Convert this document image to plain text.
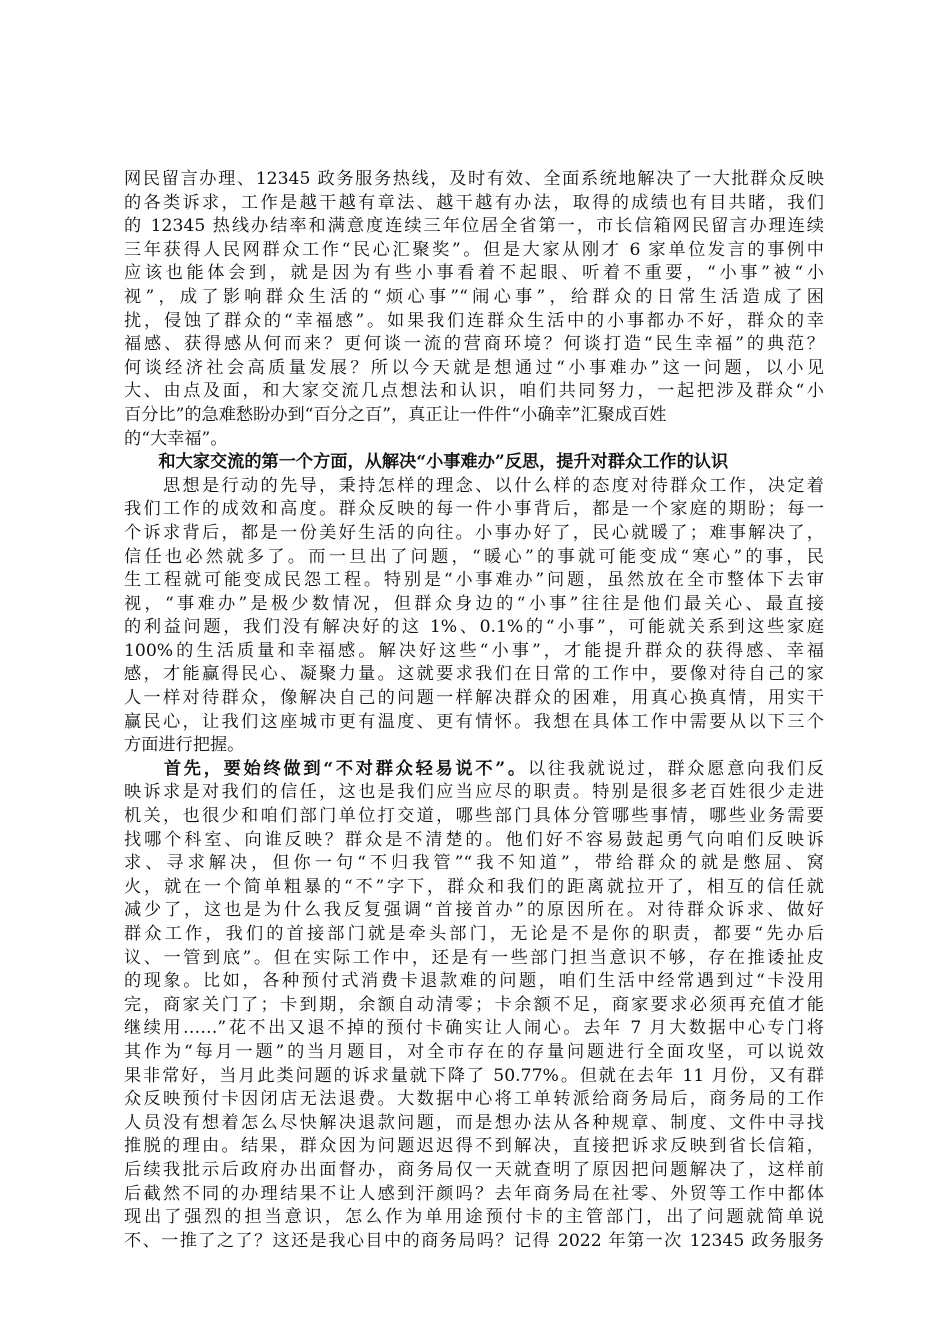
网民留言办理、12345 政务服务热线，及时有效、全面系统地解决了一大批群众反映
的各类诉求，工作是越干越有章法、越干越有办法，取得的成绩也有目共睹，我们
的 12345 热线办结率和满意度连续三年位居全省第一，市长信箱网民留言办理连续
三年获得人民网群众工作“民心汇聚奖”。但是大家从刚才 6 家单位发言的事例中
应该也能体会到，就是因为有些小事看着不起眼、听着不重要，“小事”被“小
视”，成了影响群众生活的“烦心事”“闹心事”，给群众的日常生活造成了困
扰，侵蚀了群众的“幸福感”。如果我们连群众生活中的小事都办不好，群众的幸
福感、获得感从何而来？更何谈一流的营商环境？何谈打造“民生幸福”的典范？
何谈经济社会高质量发展？所以今天就是想通过“小事难办”这一问题，以小见
大、由点及面，和大家交流几点想法和认识，咱们共同努力，一起把涉及群众“小
百分比”的急难愁盼办到“百分之百”，真正让一件件“小确幸”汇聚成百姓
的“大幸福”。
　　和大家交流的第一个方面，从解决“小事难办”反思，提升对群众工作的认识
　　思想是行动的先导，秉持怎样的理念、以什么样的态度对待群众工作，决定着
我们工作的成效和高度。群众反映的每一件小事背后，都是一个家庭的期盼；每一
个诉求背后，都是一份美好生活的向往。小事办好了，民心就暖了；难事解决了，
信任也必然就多了。而一旦出了问题，“暖心”的事就可能变成“寒心”的事，民
生工程就可能变成民怨工程。特别是“小事难办”问题，虽然放在全市整体下去审
视，“事难办”是极少数情况，但群众身边的“小事”往往是他们最关心、最直接
的利益问题，我们没有解决好的这 1%、0.1%的“小事”，可能就关系到这些家庭
100%的生活质量和幸福感。解决好这些“小事”，才能提升群众的获得感、幸福
感，才能赢得民心、凝聚力量。这就要求我们在日常的工作中，要像对待自己的家
人一样对待群众，像解决自己的问题一样解决群众的困难，用真心换真情，用实干
赢民心，让我们这座城市更有温度、更有情怀。我想在具体工作中需要从以下三个
方面进行把握。
　　首先，要始终做到“不对群众轻易说不”。以往我就说过，群众愿意向我们反
映诉求是对我们的信任，这也是我们应当应尽的职责。特别是很多老百姓很少走进
机关，也很少和咱们部门单位打交道，哪些部门具体分管哪些事情，哪些业务需要
找哪个科室、向谁反映？群众是不清楚的。他们好不容易鼓起勇气向咱们反映诉
求、寻求解决，但你一句“不归我管”“我不知道”，带给群众的就是憋屈、窝
火，就在一个简单粗暴的“不”字下，群众和我们的距离就拉开了，相互的信任就
减少了，这也是为什么我反复强调“首接首办”的原因所在。对待群众诉求、做好
群众工作，我们的首接部门就是牵头部门，无论是不是你的职责，都要“先办后
议、一管到底”。但在实际工作中，还是有一些部门担当意识不够，存在推诿扯皮
的现象。比如，各种预付式消费卡退款难的问题，咱们生活中经常遇到过“卡没用
完，商家关门了；卡到期，余额自动清零；卡余额不足，商家要求必须再充值才能
继续用……”花不出又退不掉的预付卡确实让人闹心。去年 7 月大数据中心专门将
其作为“每月一题”的当月题目，对全市存在的存量问题进行全面攻坚，可以说效
果非常好，当月此类问题的诉求量就下降了 50.77%。但就在去年 11 月份，又有群
众反映预付卡因闭店无法退费。大数据中心将工单转派给商务局后，商务局的工作
人员没有想着怎么尽快解决退款问题，而是想办法从各种规章、制度、文件中寻找
推脱的理由。结果，群众因为问题迟迟得不到解决，直接把诉求反映到省长信箱，
后续我批示后政府办出面督办，商务局仅一天就查明了原因把问题解决了，这样前
后截然不同的办理结果不让人感到汗颜吗？去年商务局在社零、外贸等工作中都体
现出了强烈的担当意识，怎么作为单用途预付卡的主管部门，出了问题就简单说
不、一推了之了？这还是我心目中的商务局吗？记得 2022 年第一次 12345 政务服务
